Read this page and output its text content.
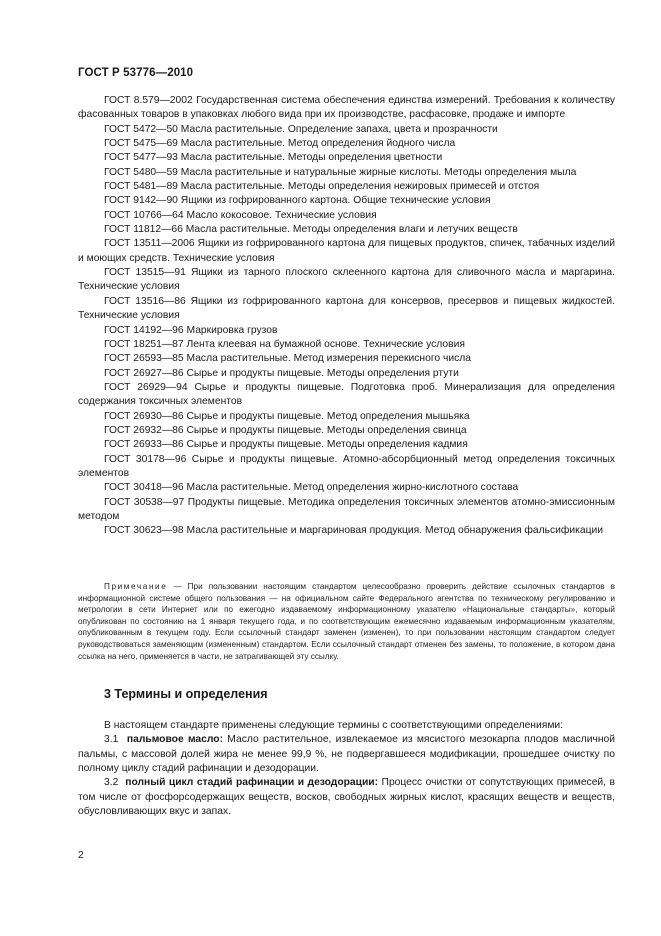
ГОСТ Р 53776—2010

ГОСТ 8.579—2002 Государственная система обеспечения единства измерений. Требования к количеству фасованных товаров в упаковках любого вида при их производстве, расфасовке, продаже и импорте

ГОСТ 5472—50 Масла растительные. Определение запаха, цвета и прозрачности

ГОСТ 5475—69 Масла растительные. Метод определения йодного числа

ГОСТ 5477—93 Масла растительные. Методы определения цветности

ГОСТ 5480—59 Масла растительные и натуральные жирные кислоты. Методы определения мыла

ГОСТ 5481—89 Масла растительные. Методы определения нежировых примесей и отстоя

ГОСТ 9142—90 Ящики из гофрированного картона. Общие технические условия

ГОСТ 10766—64 Масло кокосовое. Технические условия

ГОСТ 11812—66 Масла растительные. Методы определения влаги и летучих веществ

ГОСТ 13511—2006 Ящики из гофрированного картона для пищевых продуктов, спичек, табачных изделий и моющих средств. Технические условия

ГОСТ 13515—91 Ящики из тарного плоского склеенного картона для сливочного масла и маргарина. Технические условия

ГОСТ 13516—86 Ящики из гофрированного картона для консервов, пресервов и пищевых жидкостей. Технические условия

ГОСТ 14192—96 Маркировка грузов

ГОСТ 18251—87 Лента клеевая на бумажной основе. Технические условия

ГОСТ 26593—85 Масла растительные. Метод измерения перекисного числа

ГОСТ 26927—86 Сырье и продукты пищевые. Методы определения ртути

ГОСТ 26929—94 Сырье и продукты пищевые. Подготовка проб. Минерализация для определения содержания токсичных элементов

ГОСТ 26930—86 Сырье и продукты пищевые. Метод определения мышьяка

ГОСТ 26932—86 Сырье и продукты пищевые. Методы определения свинца

ГОСТ 26933—86 Сырье и продукты пищевые. Методы определения кадмия

ГОСТ 30178—96 Сырье и продукты пищевые. Атомно-абсорбционный метод определения токсичных элементов

ГОСТ 30418—96 Масла растительные. Метод определения жирно-кислотного состава

ГОСТ 30538—97 Продукты пищевые. Методика определения токсичных элементов атомно-эмиссионным методом

ГОСТ 30623—98 Масла растительные и маргариновая продукция. Метод обнаружения фальсификации

Примечание — При пользовании настоящим стандартом целесообразно проверить действие ссылочных стандартов в информационной системе общего пользования — на официальном сайте Федерального агентства по техническому регулированию и метрологии в сети Интернет или по ежегодно издаваемому информационному указателю «Национальные стандарты», который опубликован по состоянию на 1 января текущего года, и по соответствующим ежемесячно издаваемым информационным указателям, опубликованным в текущем году. Если ссылочный стандарт заменен (изменен), то при пользовании настоящим стандартом следует руководствоваться заменяющим (измененным) стандартом. Если ссылочный стандарт отменен без замены, то положение, в котором дана ссылка на него, применяется в части, не затрагивающей эту ссылку.

3 Термины и определения

В настоящем стандарте применены следующие термины с соответствующими определениями:

3.1 пальмовое масло: Масло растительное, извлекаемое из мясистого мезокарпа плодов масличной пальмы, с массовой долей жира не менее 99,9 %, не подвергавшееся модификации, прошедшее очистку по полному циклу стадий рафинации и дезодорации.

3.2 полный цикл стадий рафинации и дезодорации: Процесс очистки от сопутствующих примесей, в том числе от фосфорсодержащих веществ, восков, свободных жирных кислот, красящих веществ и веществ, обусловливающих вкус и запах.

2
